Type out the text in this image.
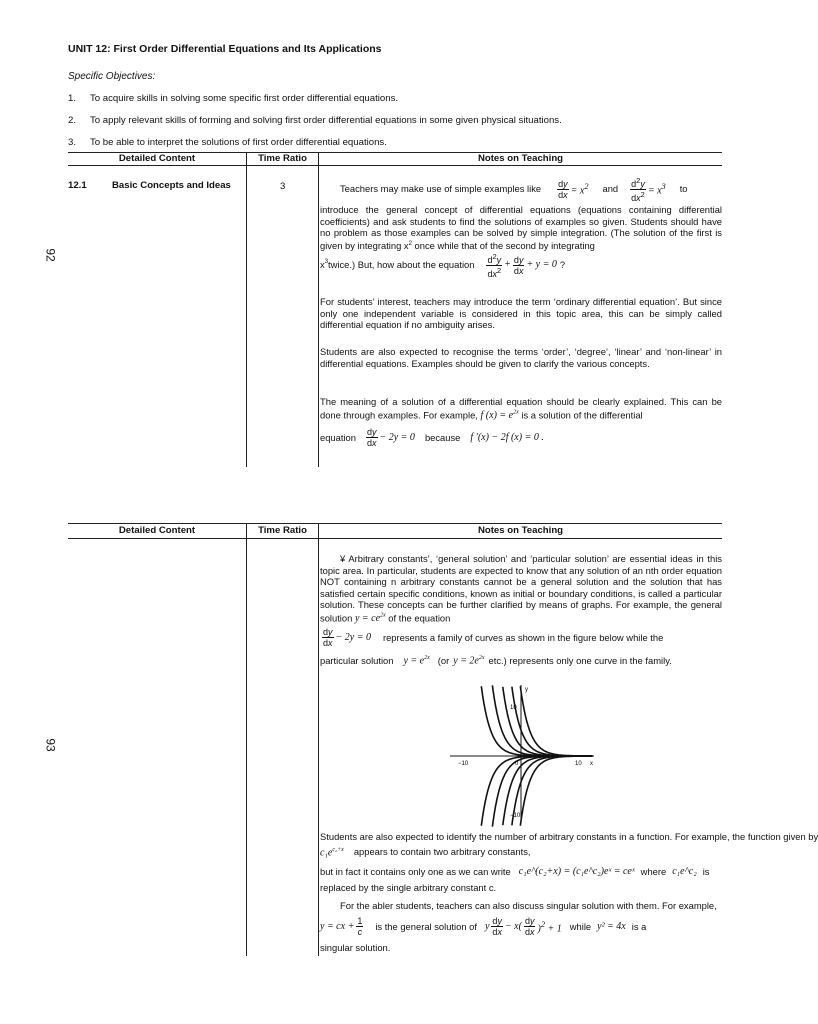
UNIT 12: First Order Differential Equations and Its Applications
Specific Objectives:
1. To acquire skills in solving some specific first order differential equations.
2. To apply relevant skills of forming and solving first order differential equations in some given physical situations.
3. To be able to interpret the solutions of first order differential equations.
Detailed Content	Time Ratio	Notes on Teaching
92
12.1	Basic Concepts and Ideas	3	Teachers may make use of simple examples like $\frac{dy}{dx} = x^2$ and $\frac{d^2y}{dx^2} = x^3$ to
introduce the general concept of differential equations (equations containing differential coefficients) and ask students to find the solutions of examples so given. Students should have no problem as those examples can be solved by simple integration. (The solution of the first is given by integrating $x^2$ once while that of the second by integrating
$x^3$ twice.) But, how about the equation $\frac{d^2y}{dx^2} + \frac{dy}{dx} + y = 0$ ?
For students’ interest, teachers may introduce the term ‘ordinary differential equation’. But since only one independent variable is considered in this topic area, this can be simply called differential equation if no ambiguity arises.
Students are also expected to recognise the terms ‘order’, ‘degree’, ‘linear’ and ‘non-linear’ in differential equations. Examples should be given to clarify the various concepts.
The meaning of a solution of a differential equation should be clearly explained. This can be done through examples. For example, f $(x) = e^{2x}$ is a solution of the differential
equation $\frac{dy}{dx} - 2y = 0$ because f ′(x) − 2f (x) = 0 .
Detailed Content	Time Ratio	Notes on Teaching
93
¥ Arbitrary constants’, ‘general solution’ and ‘particular solution’ are essential ideas in this topic area. In particular, students are expected to know that any solution of an nth order equation NOT containing n arbitrary constants cannot be a general solution and the solution that has satisfied certain specific conditions, known as initial or boundary conditions, is called a particular solution. These concepts can be further clarified by means of graphs. For example, the general solution $y = ce^{2x}$ of the equation
$\frac{dy}{dx} - 2y = 0$ represents a family of curves as shown in the figure below while the
particular solution $y = e^{2x}$ (or $y = 2e^{2x}$ etc.) represents only one curve in the family.
y
x
10
10
−10
−10
0
Students are also expected to identify the number of arbitrary constants in a function. For example, the function given by
$c_1e^{c_2+x}$ appears to contain two arbitrary constants,
but in fact it contains only one as we can write c₁e^(c₂+x) = (c₁e^c₂)eˣ = ceˣ where c₁e^c₂ is
replaced by the single arbitrary constant c.
For the abler students, teachers can also discuss singular solution with them. For example,
y = cx + $\frac{1}{c}$ is the general solution of y $\frac{dy}{dx} - x( \frac{dy}{dx} )^2 + 1$ while y² = 4x is a
singular solution.
